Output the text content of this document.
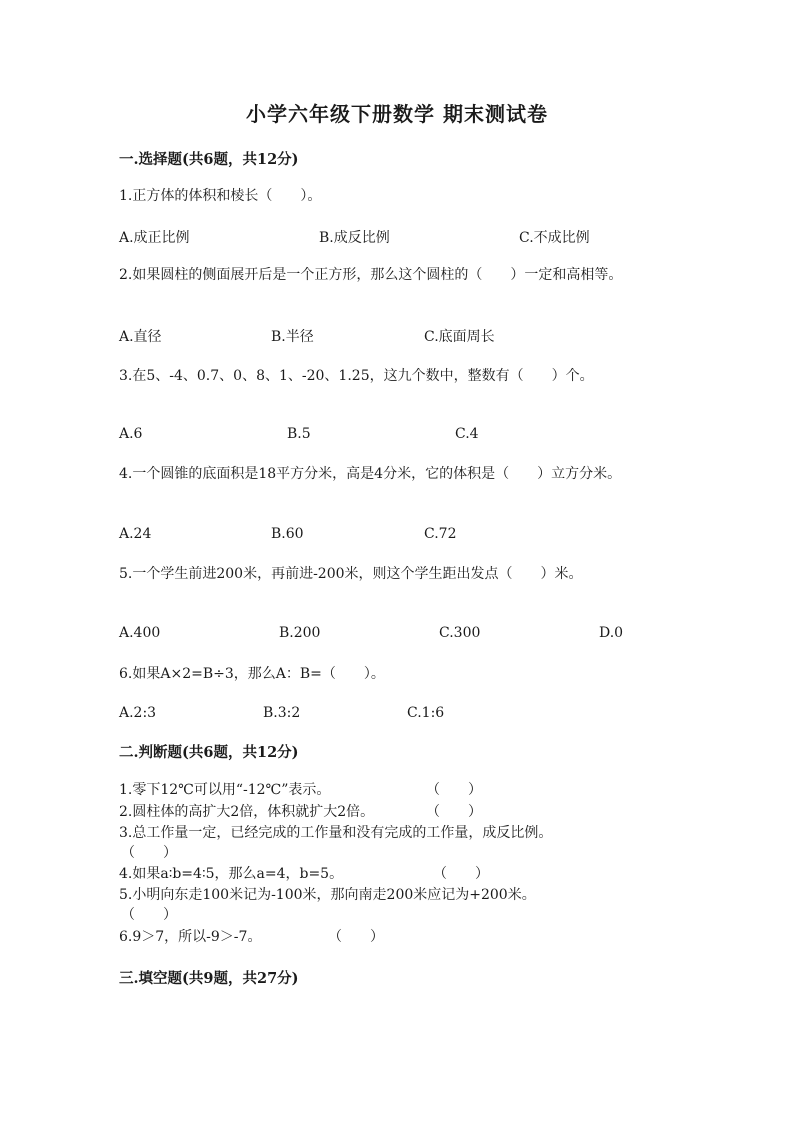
小学六年级下册数学 期末测试卷
一.选择题(共6题，共12分)
1.正方体的体积和棱长（　　）。
A.成正比例	B.成反比例	C.不成比例
2.如果圆柱的侧面展开后是一个正方形，那么这个圆柱的（　　）一定和高相等。
A.直径	B.半径	C.底面周长
3.在5、-4、0.7、0、8、1、-20、1.25，这九个数中，整数有（　　）个。
A.6	B.5	C.4
4.一个圆锥的底面积是18平方分米，高是4分米，它的体积是（　　）立方分米。
A.24	B.60	C.72
5.一个学生前进200米，再前进-200米，则这个学生距出发点（　　）米。
A.400	B.200	C.300	D.0
6.如果A×2=B÷3，那么A：B=（　　）。
A.2:3	B.3:2	C.1:6
二.判断题(共6题，共12分)
1.零下12℃可以用“-12℃”表示。	（　　）
2.圆柱体的高扩大2倍，体积就扩大2倍。	（　　）
3.总工作量一定，已经完成的工作量和没有完成的工作量，成反比例。
（　　）
4.如果a∶b=4∶5，那么a=4，b=5。	（　　）
5.小明向东走100米记为-100米，那向南走200米应记为+200米。
（　　）
6.9＞7，所以-9＞-7。	（　　）
三.填空题(共9题，共27分)
